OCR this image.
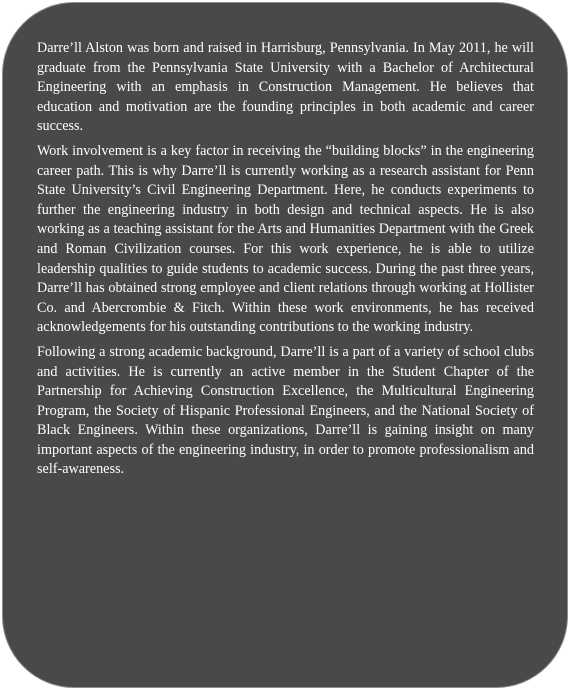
Darre’ll Alston was born and raised in Harrisburg, Pennsylvania. In May 2011, he will graduate from the Pennsylvania State University with a Bachelor of Architectural Engineering with an emphasis in Construction Management. He believes that education and motivation are the founding principles in both academic and career success.

Work involvement is a key factor in receiving the “building blocks” in the engineering career path. This is why Darre’ll is currently working as a research assistant for Penn State University’s Civil Engineering Department. Here, he conducts experiments to further the engineering industry in both design and technical aspects. He is also working as a teaching assistant for the Arts and Humanities Department with the Greek and Roman Civilization courses. For this work experience, he is able to utilize leadership qualities to guide students to academic success. During the past three years, Darre’ll has obtained strong employee and client relations through working at Hollister Co. and Abercrombie & Fitch. Within these work environments, he has received acknowledgements for his outstanding contributions to the working industry.

Following a strong academic background, Darre’ll is a part of a variety of school clubs and activities. He is currently an active member in the Student Chapter of the Partnership for Achieving Construction Excellence, the Multicultural Engineering Program, the Society of Hispanic Professional Engineers, and the National Society of Black Engineers. Within these organizations, Darre’ll is gaining insight on many important aspects of the engineering industry, in order to promote professionalism and self-awareness.
